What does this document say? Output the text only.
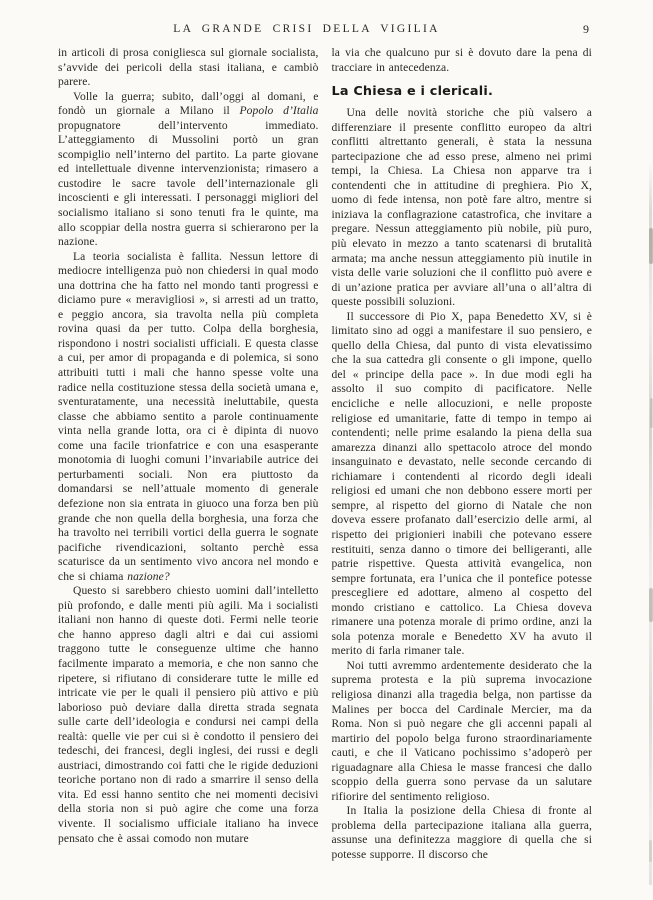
LA GRANDE CRISI DELLA VIGILIA	9

in articoli di prosa conigliesca sul giornale socialista, s’avvide dei pericoli della stasi italiana, e cambiò parere.

Volle la guerra; subito, dall’oggi al domani, e fondò un giornale a Milano il Popolo d’Italia propugnatore dell’intervento immediato. L’atteggiamento di Mussolini portò un gran scompiglio nell’interno del partito. La parte giovane ed intellettuale divenne intervenzionista; rimasero a custodire le sacre tavole dell’internazionale gli incoscienti e gli interessati. I personaggi migliori del socialismo italiano si sono tenuti fra le quinte, ma allo scoppiar della nostra guerra si schierarono per la nazione.

La teoria socialista è fallita. Nessun lettore di mediocre intelligenza può non chiedersi in qual modo una dottrina che ha fatto nel mondo tanti progressi e diciamo pure « meravigliosi », si arresti ad un tratto, e peggio ancora, sia travolta nella più completa rovina quasi da per tutto. Colpa della borghesia, rispondono i nostri socialisti ufficiali. E questa classe a cui, per amor di propaganda e di polemica, si sono attribuiti tutti i mali che hanno spesse volte una radice nella costituzione stessa della società umana e, sventuratamente, una necessità ineluttabile, questa classe che abbiamo sentito a parole continuamente vinta nella grande lotta, ora ci è dipinta di nuovo come una facile trionfatrice e con una esasperante monotomia di luoghi comuni l’invariabile autrice dei perturbamenti sociali. Non era piuttosto da domandarsi se nell’attuale momento di generale defezione non sia entrata in giuoco una forza ben più grande che non quella della borghesia, una forza che ha travolto nei terribili vortici della guerra le sognate pacifiche rivendicazioni, soltanto perchè essa scaturisce da un sentimento vivo ancora nel mondo e che si chiama nazione?

Questo si sarebbero chiesto uomini dall’intelletto più profondo, e dalle menti più agili. Ma i socialisti italiani non hanno di queste doti. Fermi nelle teorie che hanno appreso dagli altri e dai cui assiomi traggono tutte le conseguenze ultime che hanno facilmente imparato a memoria, e che non sanno che ripetere, si rifiutano di considerare tutte le mille ed intricate vie per le quali il pensiero più attivo e più laborioso può deviare dalla diretta strada segnata sulle carte dell’ideologia e condursi nei campi della realtà: quelle vie per cui si è condotto il pensiero dei tedeschi, dei francesi, degli inglesi, dei russi e degli austriaci, dimostrando coi fatti che le rigide deduzioni teoriche portano non di rado a smarrire il senso della vita. Ed essi hanno sentito che nei momenti decisivi della storia non si può agire che come una forza vivente. Il socialismo ufficiale italiano ha invece pensato che è assai comodo non mutare

la via che qualcuno pur si è dovuto dare la pena di tracciare in antecedenza.

La Chiesa e i clericali.

Una delle novità storiche che più valsero a differenziare il presente conflitto europeo da altri conflitti altrettanto generali, è stata la nessuna partecipazione che ad esso prese, almeno nei primi tempi, la Chiesa. La Chiesa non apparve tra i contendenti che in attitudine di preghiera. Pio X, uomo di fede intensa, non potè fare altro, mentre si iniziava la conflagrazione catastrofica, che invitare a pregare. Nessun atteggiamento più nobile, più puro, più elevato in mezzo a tanto scatenarsi di brutalità armata; ma anche nessun atteggiamento più inutile in vista delle varie soluzioni che il conflitto può avere e di un’azione pratica per avviare all’una o all’altra di queste possibili soluzioni.

Il successore di Pio X, papa Benedetto XV, si è limitato sino ad oggi a manifestare il suo pensiero, e quello della Chiesa, dal punto di vista elevatissimo che la sua cattedra gli consente o gli impone, quello del « principe della pace ». In due modi egli ha assolto il suo compito di pacificatore. Nelle encicliche e nelle allocuzioni, e nelle proposte religiose ed umanitarie, fatte di tempo in tempo ai contendenti; nelle prime esalando la piena della sua amarezza dinanzi allo spettacolo atroce del mondo insanguinato e devastato, nelle seconde cercando di richiamare i contendenti al ricordo degli ideali religiosi ed umani che non debbono essere morti per sempre, al rispetto del giorno di Natale che non doveva essere profanato dall’esercizio delle armi, al rispetto dei prigionieri inabili che potevano essere restituiti, senza danno o timore dei belligeranti, alle patrie rispettive. Questa attività evangelica, non sempre fortunata, era l’unica che il pontefice potesse prescegliere ed adottare, almeno al cospetto del mondo cristiano e cattolico. La Chiesa doveva rimanere una potenza morale di primo ordine, anzi la sola potenza morale e Benedetto XV ha avuto il merito di farla rimaner tale.

Noi tutti avremmo ardentemente desiderato che la suprema protesta e la più suprema invocazione religiosa dinanzi alla tragedia belga, non partisse da Malines per bocca del Cardinale Mercier, ma da Roma. Non si può negare che gli accenni papali al martirio del popolo belga furono straordinariamente cauti, e che il Vaticano pochissimo s’adoperò per riguadagnare alla Chiesa le masse francesi che dallo scoppio della guerra sono pervase da un salutare rifiorire del sentimento religioso.

In Italia la posizione della Chiesa di fronte al problema della partecipazione italiana alla guerra, assunse una definitezza maggiore di quella che si potesse supporre. Il discorso che
